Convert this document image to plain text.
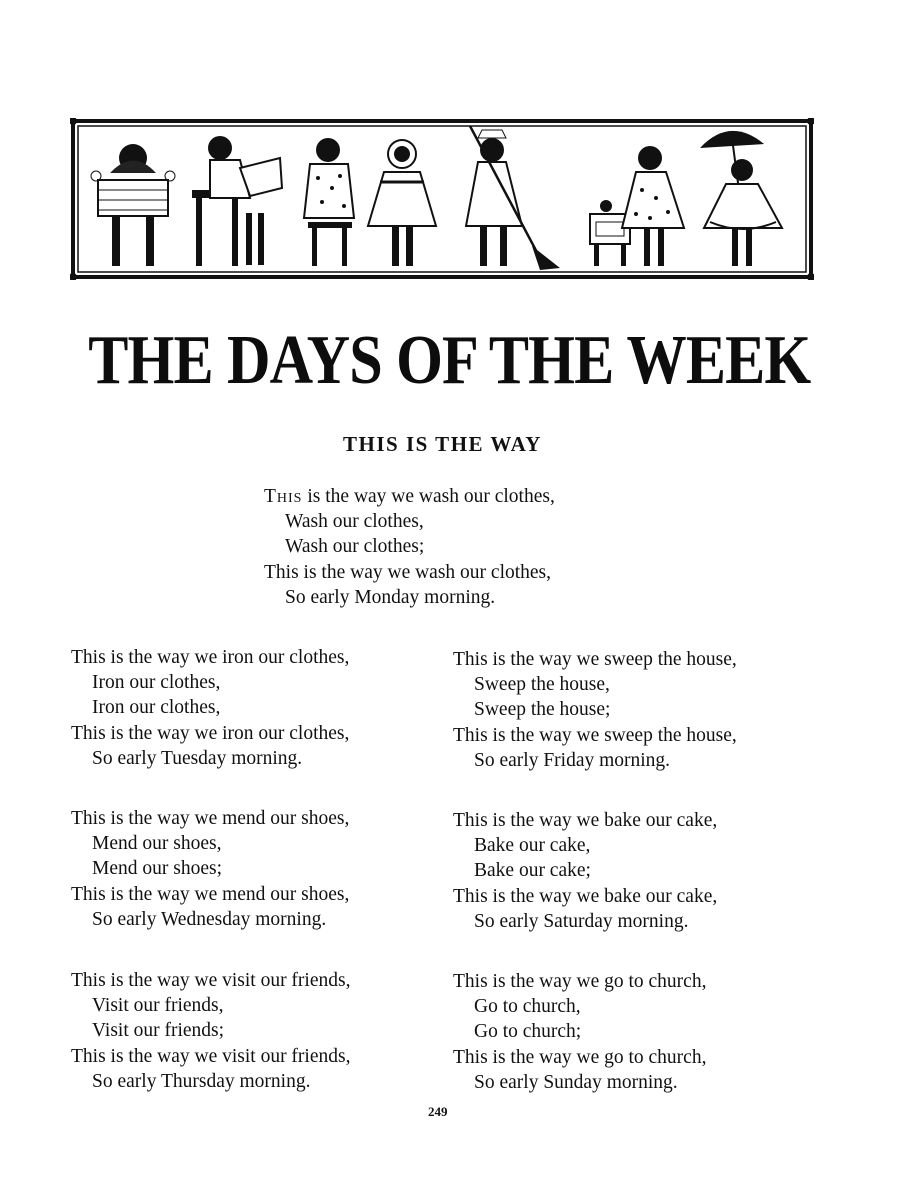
THE DAYS OF THE WEEK
THIS IS THE WAY
This is the way we wash our clothes,
Wash our clothes,
Wash our clothes;
This is the way we wash our clothes,
So early Monday morning.
This is the way we iron our clothes,
Iron our clothes,
Iron our clothes,
This is the way we iron our clothes,
So early Tuesday morning.
This is the way we mend our shoes,
Mend our shoes,
Mend our shoes;
This is the way we mend our shoes,
So early Wednesday morning.
This is the way we visit our friends,
Visit our friends,
Visit our friends;
This is the way we visit our friends,
So early Thursday morning.
This is the way we sweep the house,
Sweep the house,
Sweep the house;
This is the way we sweep the house,
So early Friday morning.
This is the way we bake our cake,
Bake our cake,
Bake our cake;
This is the way we bake our cake,
So early Saturday morning.
This is the way we go to church,
Go to church,
Go to church;
This is the way we go to church,
So early Sunday morning.

249
